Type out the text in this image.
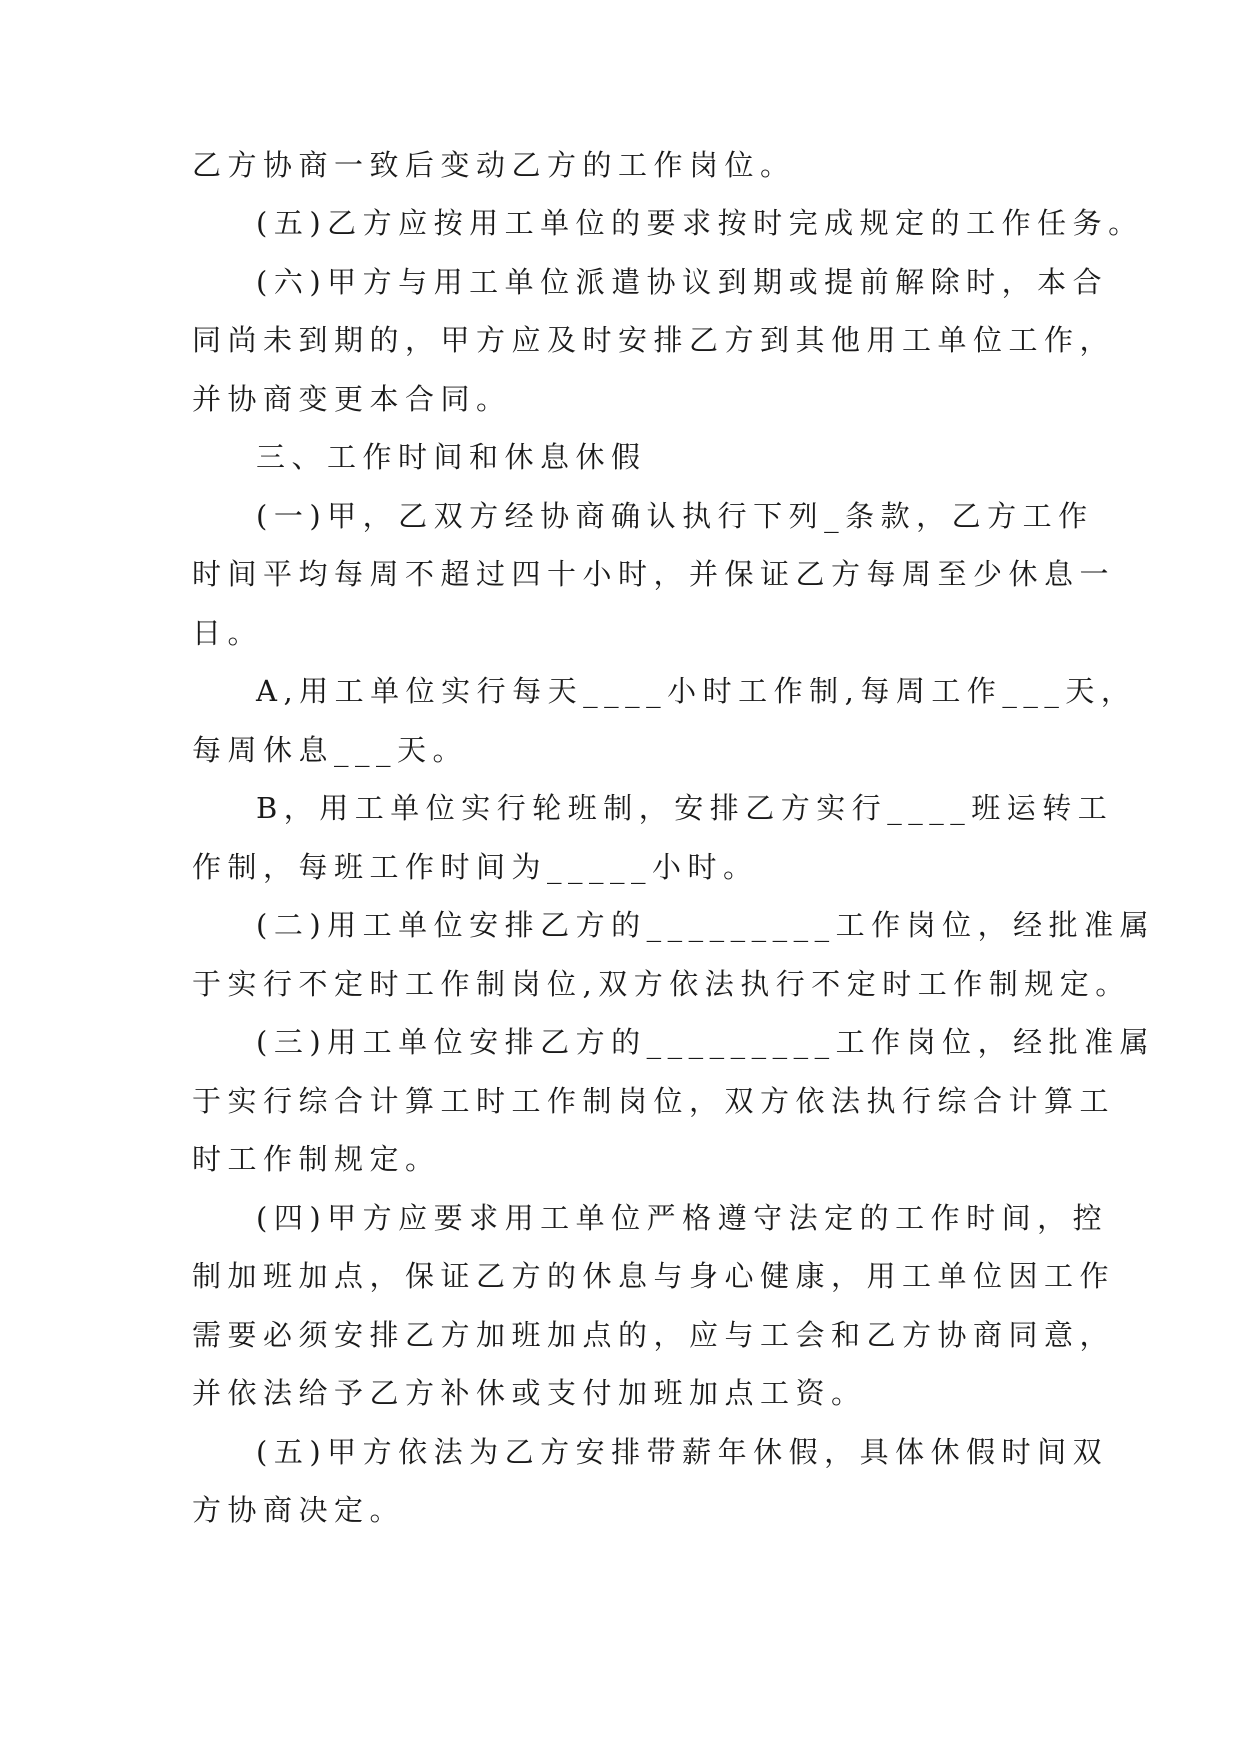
乙方协商一致后变动乙方的工作岗位。

(五)乙方应按用工单位的要求按时完成规定的工作任务。

(六)甲方与用工单位派遣协议到期或提前解除时，本合

同尚未到期的，甲方应及时安排乙方到其他用工单位工作，

并协商变更本合同。

三、工作时间和休息休假

(一)甲，乙双方经协商确认执行下列_条款，乙方工作

时间平均每周不超过四十小时，并保证乙方每周至少休息一

日。

A,用工单位实行每天____小时工作制,每周工作___天，

每周休息___天。

B，用工单位实行轮班制，安排乙方实行____班运转工

作制，每班工作时间为_____小时。

(二)用工单位安排乙方的_________工作岗位，经批准属

于实行不定时工作制岗位,双方依法执行不定时工作制规定。

(三)用工单位安排乙方的_________工作岗位，经批准属

于实行综合计算工时工作制岗位，双方依法执行综合计算工

时工作制规定。

(四)甲方应要求用工单位严格遵守法定的工作时间，控

制加班加点，保证乙方的休息与身心健康，用工单位因工作

需要必须安排乙方加班加点的，应与工会和乙方协商同意，

并依法给予乙方补休或支付加班加点工资。

(五)甲方依法为乙方安排带薪年休假，具体休假时间双

方协商决定。
